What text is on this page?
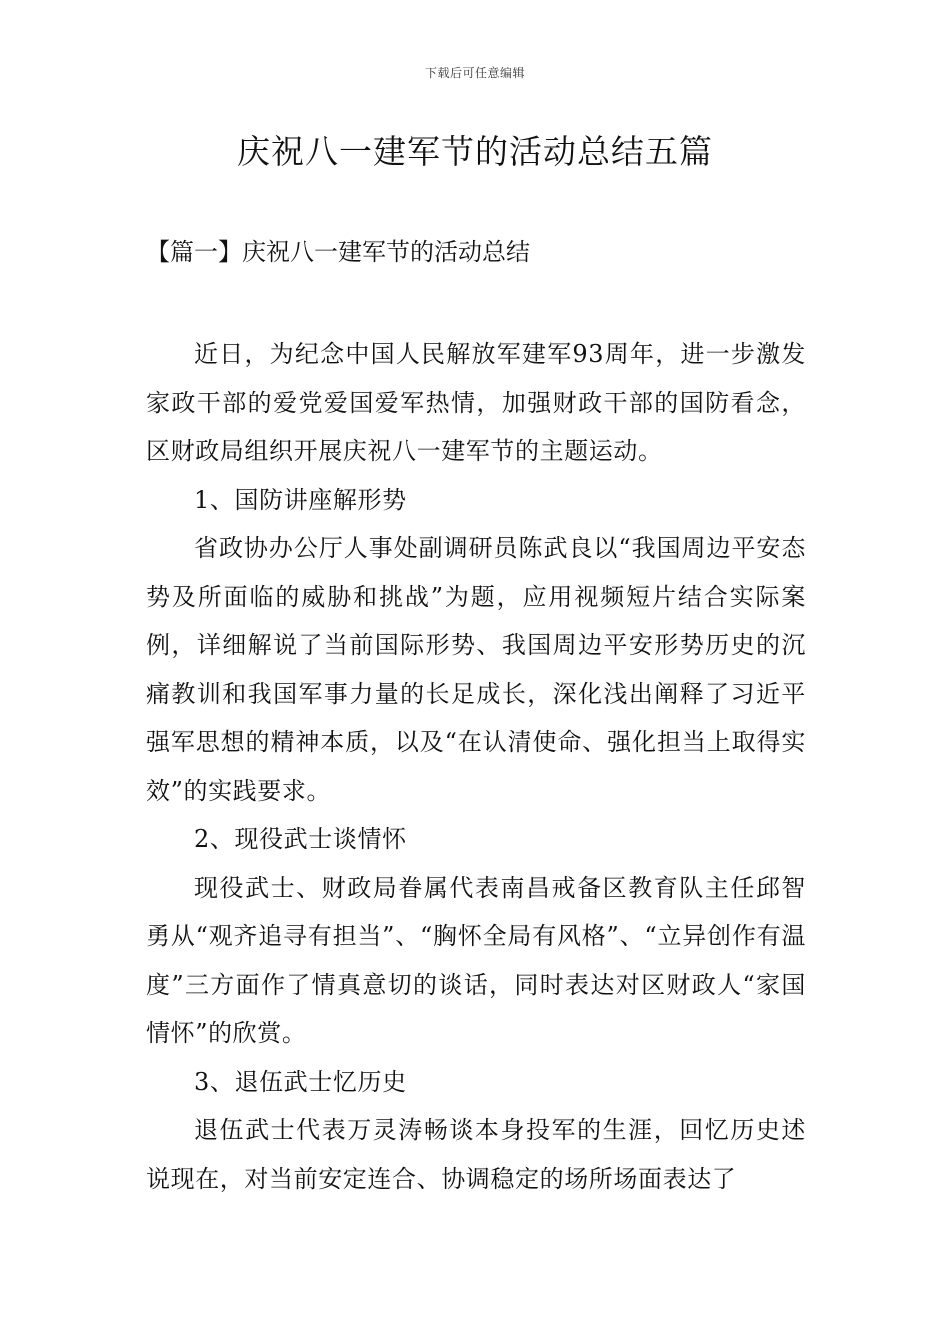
下载后可任意编辑
庆祝八一建军节的活动总结五篇
【篇一】庆祝八一建军节的活动总结

近日，为纪念中国人民解放军建军93周年，进一步激发家政干部的爱党爱国爱军热情，加强财政干部的国防看念，区财政局组织开展庆祝八一建军节的主题运动。

1、国防讲座解形势

省政协办公厅人事处副调研员陈武良以“我国周边平安态势及所面临的威胁和挑战”为题，应用视频短片结合实际案例，详细解说了当前国际形势、我国周边平安形势历史的沉痛教训和我国军事力量的长足成长，深化浅出阐释了习近平强军思想的精神本质，以及“在认清使命、强化担当上取得实效”的实践要求。

2、现役武士谈情怀

现役武士、财政局眷属代表南昌戒备区教育队主任邱智勇从“观齐追寻有担当”、“胸怀全局有风格”、“立异创作有温度”三方面作了情真意切的谈话，同时表达对区财政人“家国情怀”的欣赏。

3、退伍武士忆历史

退伍武士代表万灵涛畅谈本身投军的生涯，回忆历史述说现在，对当前安定连合、协调稳定的场所场面表达了
